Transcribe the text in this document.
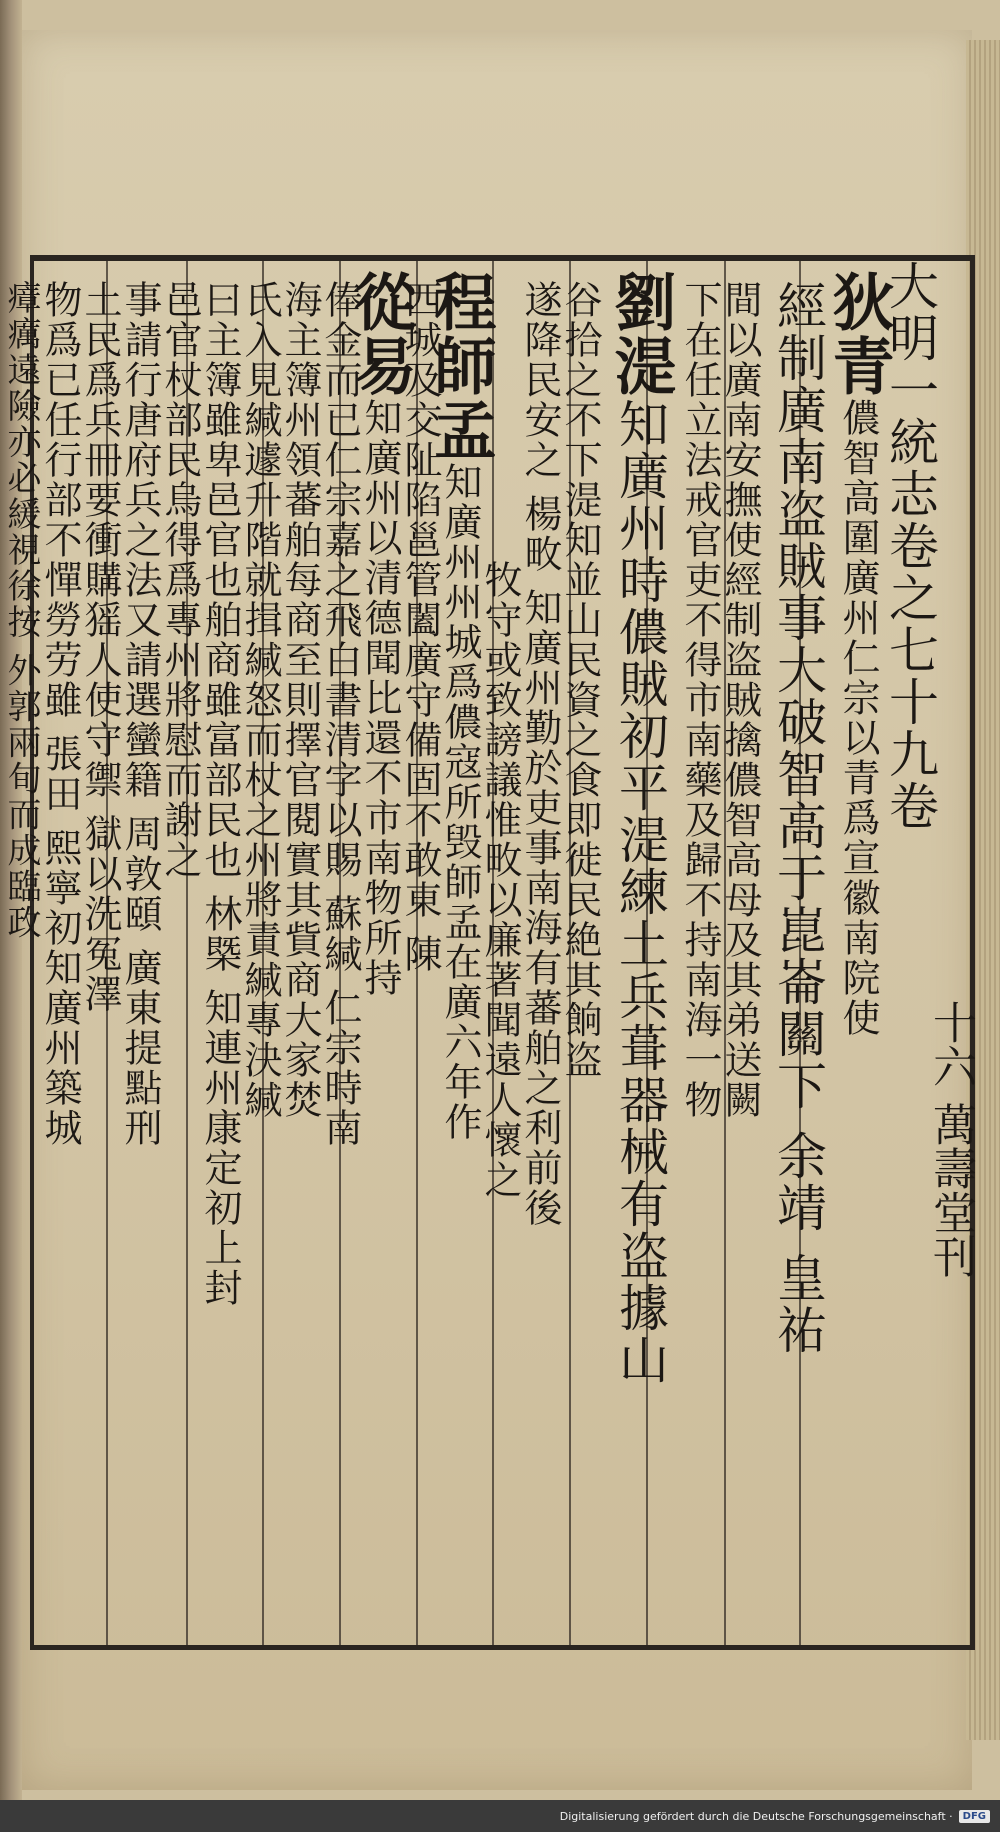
大明一統志卷之七十九卷
狄青儂智高圍廣州仁宗以青爲宣徽南院使
經制廣南盗賊事大破智高于崑崙關下 余靖 皇祐
間以廣南安撫使經制盗賊擒儂智高母及其弟送闕
下在任立法戒官吏不得市南藥及歸不持南海一物
劉湜知廣州時儂賊初平湜練土兵葺器械有盗據山
谷拾之不下湜知並山民資之食即徙民絶其餉盗
遂降民安之 楊畋 知廣州勤於吏事南海有蕃舶之利前後
牧守或致謗議惟畋以廉著聞遠人懷之
程師孟知廣州州城爲儂寇所毁師孟在廣六年作
西城及交阯陷邕管闔廣守備固不敢東 陳
從易知廣州以清德聞比還不市南物所持
俸金而已仁宗嘉之飛白書清字以賜 蘇緘 仁宗時南
海主簿州領蕃舶每商至則擇官閱實其貲商大家焚
氏入見緘遽升階就揖緘怒而杖之州將責緘專決緘
曰主簿雖卑邑官也舶商雖富部民也 林槩 知連州康定初上封
邑官杖部民烏得爲專州將慰而謝之
事請行唐府兵之法又請選蠻籍 周敦頤 廣東提點刑
土民爲兵冊要衝購猺人使守禦 獄以洗冤澤
物爲已任行部不憚勞劳雖 張田 熙寧初知廣州築城
瘴癘遠險亦必緩視徐按 外郭兩旬而成臨政
十六 萬壽堂刊
Digitalisierung gefördert durch die Deutsche Forschungsgemeinschaft ·	DFG
